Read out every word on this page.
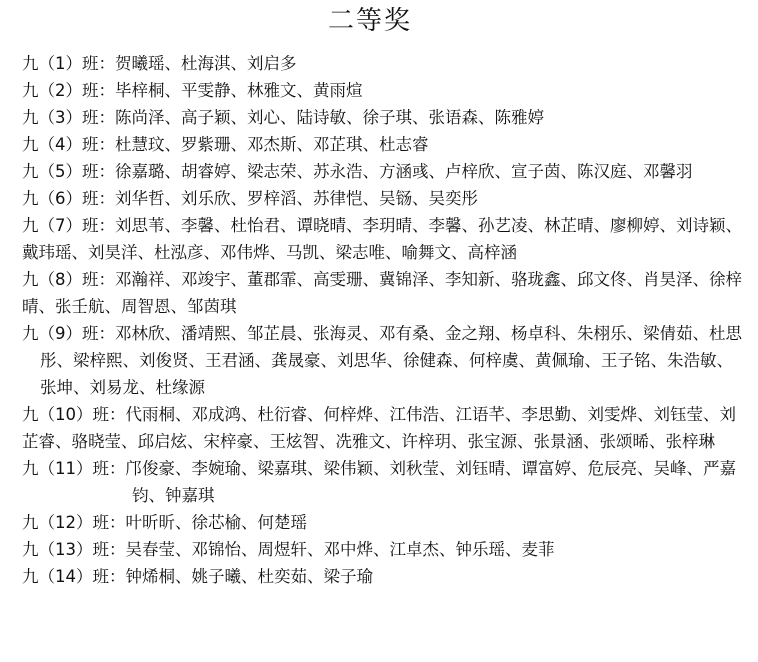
二等奖
九（1）班：贺曦瑶、杜海淇、刘启多
九（2）班：毕梓桐、平雯静、林雅文、黄雨煊
九（3）班：陈尚泽、高子颖、刘心、陆诗敏、徐子琪、张语森、陈雅婷
九（4）班：杜慧玟、罗紫珊、邓杰斯、邓芷琪、杜志睿
九（5）班：徐嘉璐、胡睿婷、梁志荣、苏永浩、方涵彧、卢梓欣、宣子茵、陈汉庭、邓馨羽
九（6）班：刘华哲、刘乐欣、罗梓滔、苏律恺、吴铴、吴奕彤
九（7）班：刘思苇、李馨、杜怡君、谭晓晴、李玥晴、李馨、孙艺凌、林芷晴、廖柳婷、刘诗颖、戴玮瑶、刘昊洋、杜泓彦、邓伟烨、马凯、梁志唯、喻舞文、高梓涵
九（8）班：邓瀚祥、邓竣宇、董郡霏、高雯珊、冀锦泽、李知新、骆珑鑫、邱文佟、肖昊泽、徐梓晴、张壬航、周智恩、邹茵琪
九（9）班：邓林欣、潘靖熙、邹芷晨、张海灵、邓有桑、金之翔、杨卓科、朱栩乐、梁倩茹、杜思彤、梁梓熙、刘俊贤、王君涵、龚晟豪、刘思华、徐健森、何梓虞、黄佩瑜、王子铭、朱浩敏、张坤、刘易龙、杜缘源
九（10）班：代雨桐、邓成鸿、杜衍睿、何梓烨、江伟浩、江语芊、李思勤、刘雯烨、刘钰莹、刘芷睿、骆晓莹、邱启炫、宋梓豪、王炫智、冼雅文、许梓玥、张宝源、张景涵、张颂晞、张梓琳
九（11）班：邝俊豪、李婉瑜、梁嘉琪、梁伟颖、刘秋莹、刘钰晴、谭富婷、危辰亮、吴峰、严嘉钧、钟嘉琪
九（12）班：叶昕昕、徐芯榆、何楚瑶
九（13）班：吴春莹、邓锦怡、周煜轩、邓中烨、江卓杰、钟乐瑶、麦菲
九（14）班：钟烯桐、姚子曦、杜奕茹、梁子瑜
